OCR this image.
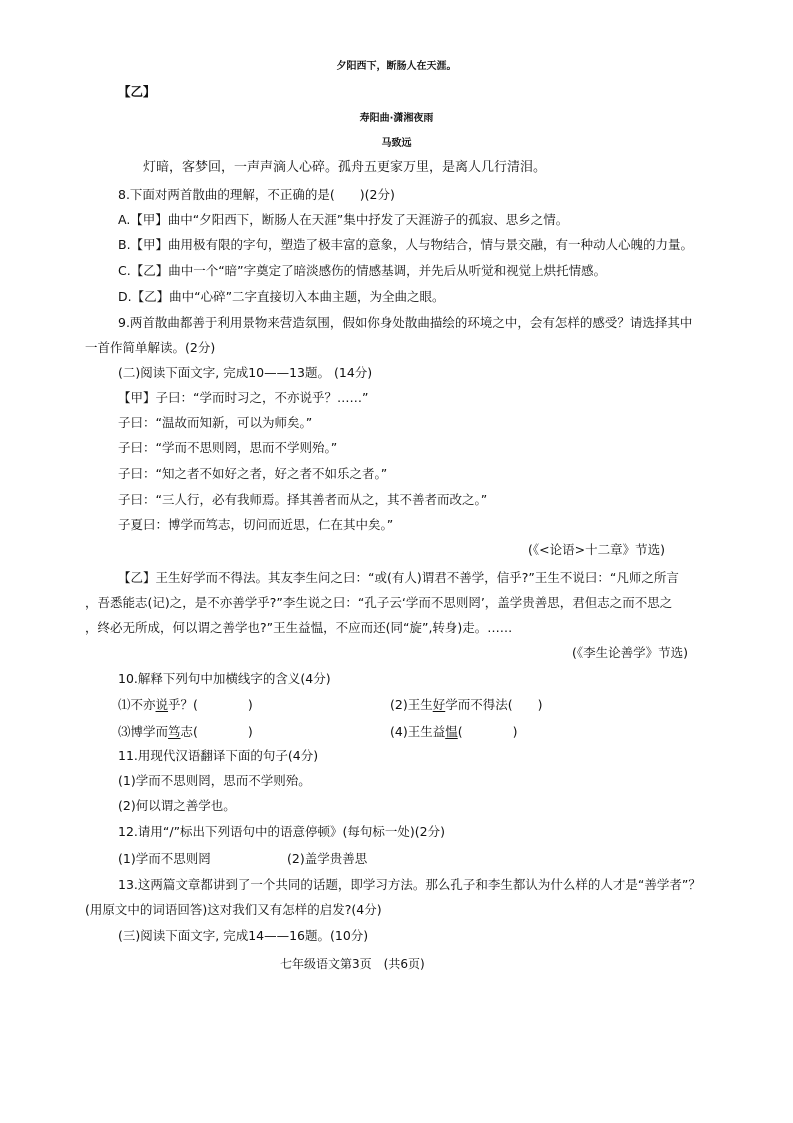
夕阳西下，断肠人在天涯。
【乙】
寿阳曲·潇湘夜雨
马致远
灯暗，客梦回，一声声滴人心碎。孤舟五更家万里，是离人几行清泪。
8.下面对两首散曲的理解，不正确的是(　　)(2分)
A.【甲】曲中“夕阳西下，断肠人在天涯”集中抒发了天涯游子的孤寂、思乡之情。
B.【甲】曲用极有限的字句，塑造了极丰富的意象，人与物结合，情与景交融，有一种动人心魄的力量。
C.【乙】曲中一个“暗”字奠定了暗淡感伤的情感基调，并先后从听觉和视觉上烘托情感。
D.【乙】曲中“心碎”二字直接切入本曲主题，为全曲之眼。
9.两首散曲都善于利用景物来营造氛围，假如你身处散曲描绘的环境之中，会有怎样的感受？请选择其中
一首作简单解读。(2分)
(二)阅读下面文字, 完成10——13题。 (14分)
【甲】子曰：“学而时习之，不亦说乎？……”
子曰：“温故而知新，可以为师矣。”
子曰：“学而不思则罔，思而不学则殆。”
子曰：“知之者不如好之者，好之者不如乐之者。”
子曰：“三人行，必有我师焉。择其善者而从之，其不善者而改之。”
子夏曰：博学而笃志，切问而近思，仁在其中矣。”
(《<论语>十二章》节选)
【乙】王生好学而不得法。其友李生问之曰：“或(有人)谓君不善学，信乎?”王生不说曰：“凡师之所言
，吾悉能志(记)之，是不亦善学乎?”李生说之曰：“孔子云‘学而不思则罔’，盖学贵善思，君但志之而不思之
，终必无所成，何以谓之善学也?”王生益愠，不应而还(同“旋”,转身)走。……
(《李生论善学》节选)
10.解释下列句中加横线字的含义(4分)
⑴不亦说乎？(　　　　)	(2)王生好学而不得法(　　)
⑶博学而笃志(　　　　)	(4)王生益愠(　　　　)
11.用现代汉语翻译下面的句子(4分)
(1)学而不思则罔，思而不学则殆。
(2)何以谓之善学也。
12.请用“/”标出下列语句中的语意停顿》(每句标一处)(2分)
(1)学而不思则罔	(2)盖学贵善思
13.这两篇文章都讲到了一个共同的话题，即学习方法。那么孔子和李生都认为什么样的人才是“善学者”？
(用原文中的词语回答)这对我们又有怎样的启发?(4分)
(三)阅读下面文字, 完成14——16题。(10分)
七年级语文第3页　(共6页)
